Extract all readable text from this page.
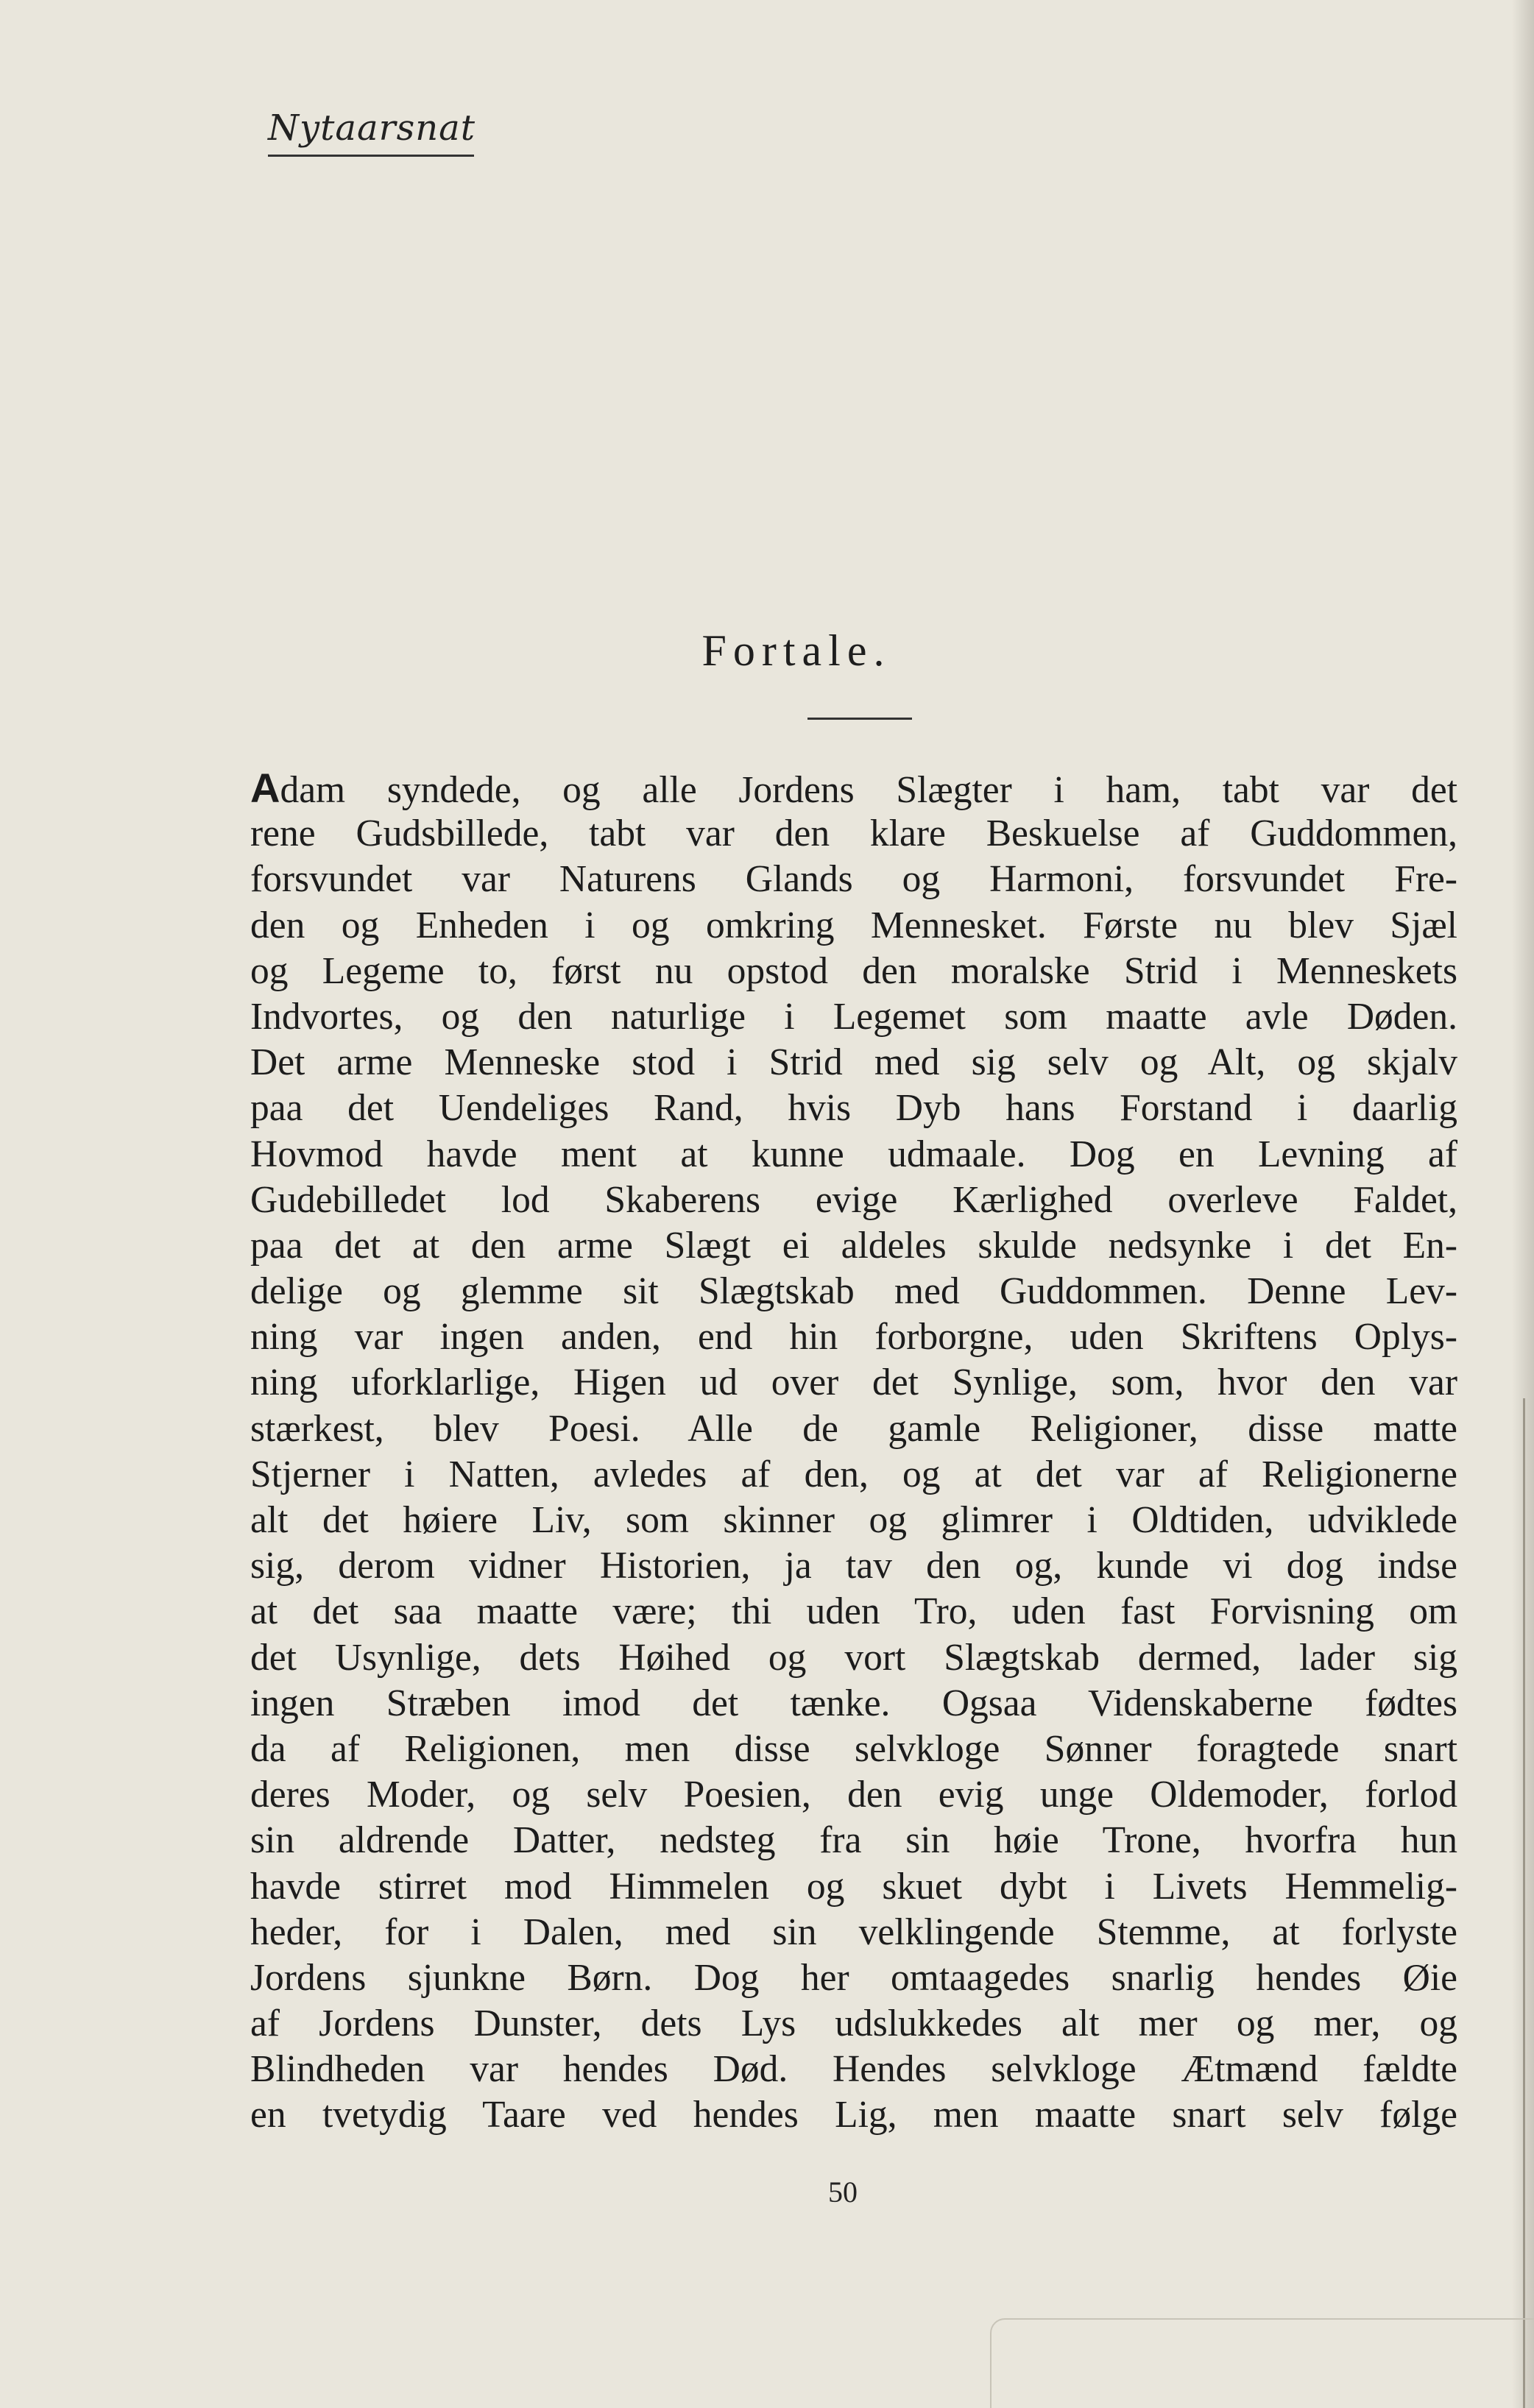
Nytaarsnat
Fortale.
Adam syndede, og alle Jordens Slægter i ham, tabt var det
rene Gudsbillede, tabt var den klare Beskuelse af Guddommen,
forsvundet var Naturens Glands og Harmoni, forsvundet Fre-
den og Enheden i og omkring Mennesket. Første nu blev Sjæl
og Legeme to, først nu opstod den moralske Strid i Menneskets
Indvortes, og den naturlige i Legemet som maatte avle Døden.
Det arme Menneske stod i Strid med sig selv og Alt, og skjalv
paa det Uendeliges Rand, hvis Dyb hans Forstand i daarlig
Hovmod havde ment at kunne udmaale. Dog en Levning af
Gudebilledet lod Skaberens evige Kærlighed overleve Faldet,
paa det at den arme Slægt ei aldeles skulde nedsynke i det En-
delige og glemme sit Slægtskab med Guddommen. Denne Lev-
ning var ingen anden, end hin forborgne, uden Skriftens Oplys-
ning uforklarlige, Higen ud over det Synlige, som, hvor den var
stærkest, blev Poesi. Alle de gamle Religioner, disse matte
Stjerner i Natten, avledes af den, og at det var af Religionerne
alt det høiere Liv, som skinner og glimrer i Oldtiden, udviklede
sig, derom vidner Historien, ja tav den og, kunde vi dog indse
at det saa maatte være; thi uden Tro, uden fast Forvisning om
det Usynlige, dets Høihed og vort Slægtskab dermed, lader sig
ingen Stræben imod det tænke. Ogsaa Videnskaberne fødtes
da af Religionen, men disse selvkloge Sønner foragtede snart
deres Moder, og selv Poesien, den evig unge Oldemoder, forlod
sin aldrende Datter, nedsteg fra sin høie Trone, hvorfra hun
havde stirret mod Himmelen og skuet dybt i Livets Hemmelig-
heder, for i Dalen, med sin velklingende Stemme, at forlyste
Jordens sjunkne Børn. Dog her omtaagedes snarlig hendes Øie
af Jordens Dunster, dets Lys udslukkedes alt mer og mer, og
Blindheden var hendes Død. Hendes selvkloge Ætmænd fældte
en tvetydig Taare ved hendes Lig, men maatte snart selv følge
50
